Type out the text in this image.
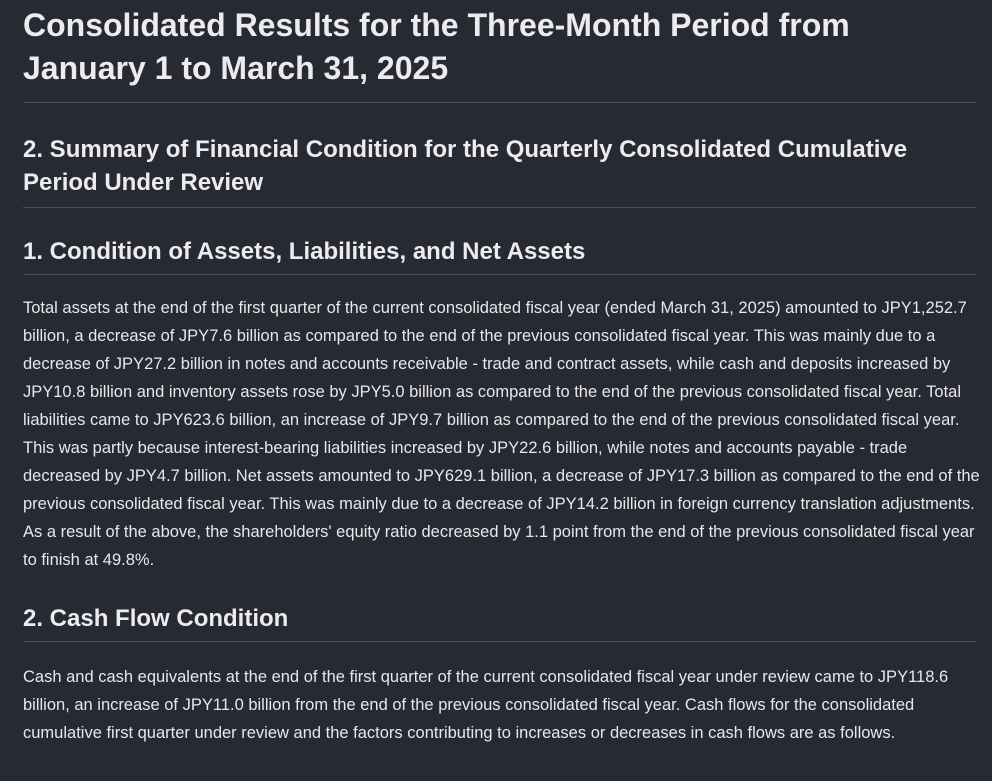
Consolidated Results for the Three-Month Period from January 1 to March 31, 2025
2. Summary of Financial Condition for the Quarterly Consolidated Cumulative Period Under Review
1. Condition of Assets, Liabilities, and Net Assets

Total assets at the end of the first quarter of the current consolidated fiscal year (ended March 31, 2025) amounted to JPY1,252.7 billion, a decrease of JPY7.6 billion as compared to the end of the previous consolidated fiscal year. This was mainly due to a decrease of JPY27.2 billion in notes and accounts receivable - trade and contract assets, while cash and deposits increased by JPY10.8 billion and inventory assets rose by JPY5.0 billion as compared to the end of the previous consolidated fiscal year. Total liabilities came to JPY623.6 billion, an increase of JPY9.7 billion as compared to the end of the previous consolidated fiscal year. This was partly because interest-bearing liabilities increased by JPY22.6 billion, while notes and accounts payable - trade decreased by JPY4.7 billion. Net assets amounted to JPY629.1 billion, a decrease of JPY17.3 billion as compared to the end of the previous consolidated fiscal year. This was mainly due to a decrease of JPY14.2 billion in foreign currency translation adjustments. As a result of the above, the shareholders' equity ratio decreased by 1.1 point from the end of the previous consolidated fiscal year to finish at 49.8%.

2. Cash Flow Condition

Cash and cash equivalents at the end of the first quarter of the current consolidated fiscal year under review came to JPY118.6 billion, an increase of JPY11.0 billion from the end of the previous consolidated fiscal year. Cash flows for the consolidated cumulative first quarter under review and the factors contributing to increases or decreases in cash flows are as follows.
